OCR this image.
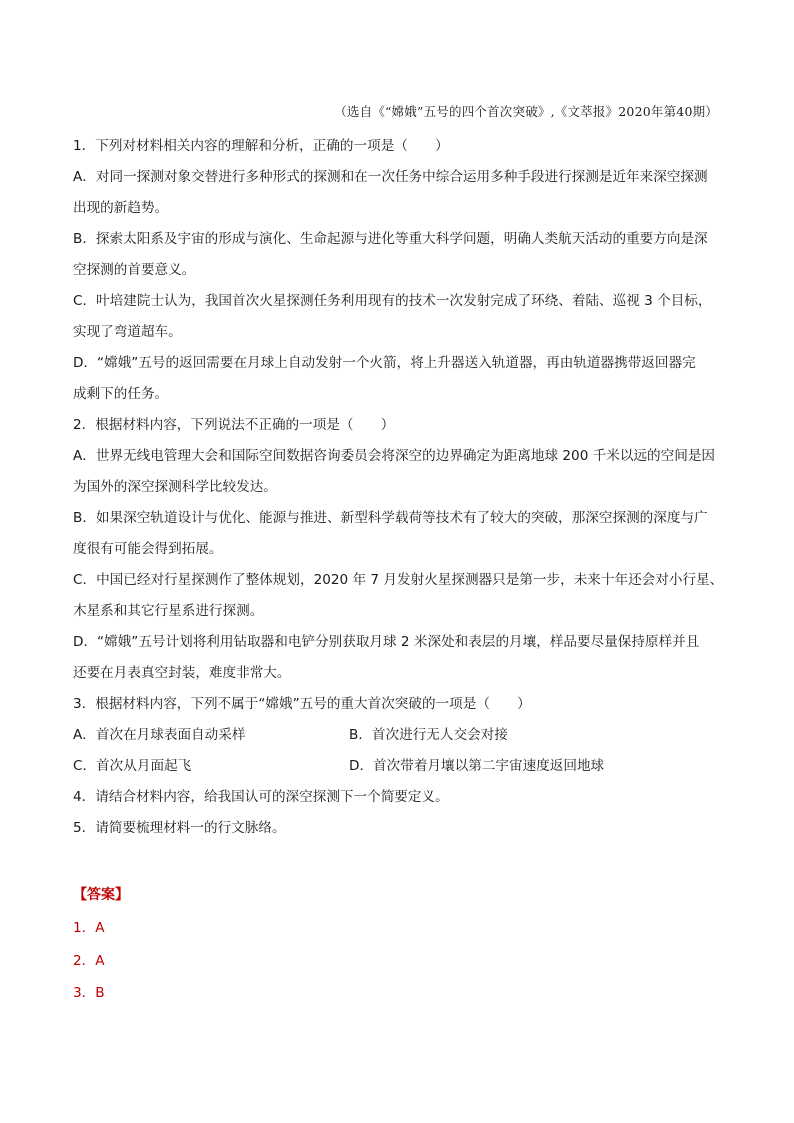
（选自《“嫦娥”五号的四个首次突破》,《文萃报》2020年第40期）

1．下列对材料相关内容的理解和分析，正确的一项是（　　）

A．对同一探测对象交替进行多种形式的探测和在一次任务中综合运用多种手段进行探测是近年来深空探测

出现的新趋势。

B．探索太阳系及宇宙的形成与演化、生命起源与进化等重大科学问题，明确人类航天活动的重要方向是深

空探测的首要意义。

C．叶培建院士认为，我国首次火星探测任务利用现有的技术一次发射完成了环绕、着陆、巡视 3 个目标，

实现了弯道超车。

D．“嫦娥”五号的返回需要在月球上自动发射一个火箭，将上升器送入轨道器，再由轨道器携带返回器完

成剩下的任务。

2．根据材料内容，下列说法不正确的一项是（　　）

A．世界无线电管理大会和国际空间数据咨询委员会将深空的边界确定为距离地球 200 千米以远的空间是因

为国外的深空探测科学比较发达。

B．如果深空轨道设计与优化、能源与推进、新型科学载荷等技术有了较大的突破，那深空探测的深度与广

度很有可能会得到拓展。

C．中国已经对行星探测作了整体规划，2020 年 7 月发射火星探测器只是第一步，未来十年还会对小行星、

木星系和其它行星系进行探测。

D．“嫦娥”五号计划将利用钻取器和电铲分别获取月球 2 米深处和表层的月壤，样品要尽量保持原样并且

还要在月表真空封装，难度非常大。

3．根据材料内容，下列不属于“嫦娥”五号的重大首次突破的一项是（　　）

A．首次在月球表面自动采样	B．首次进行无人交会对接
C．首次从月面起飞	D．首次带着月壤以第二宇宙速度返回地球

4．请结合材料内容，给我国认可的深空探测下一个简要定义。

5．请简要梳理材料一的行文脉络。

【答案】
1．A
2．A
3．B
